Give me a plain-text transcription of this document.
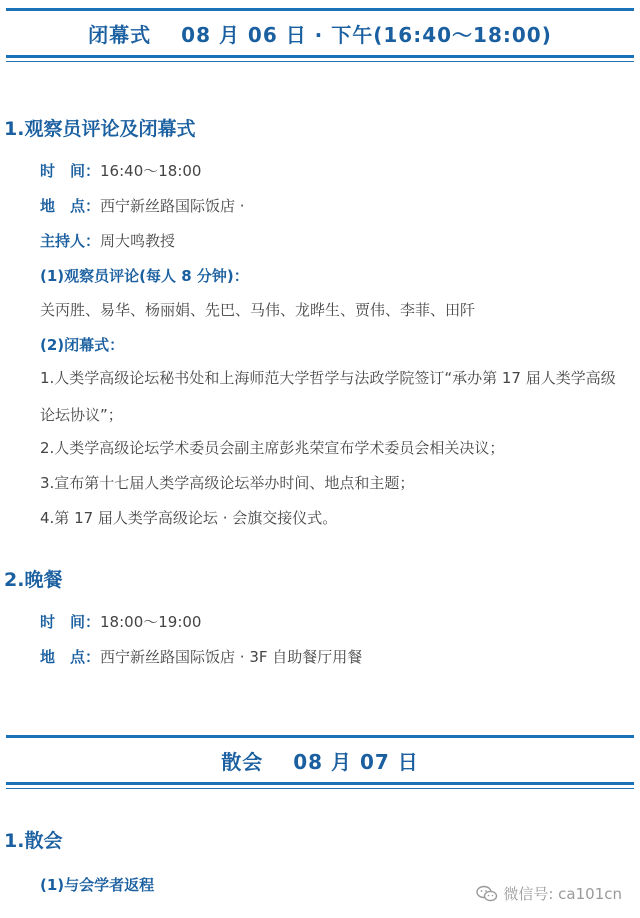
闭幕式 08 月 06 日 · 下午(16:40～18:00)
1.观察员评论及闭幕式
时　间：16:40～18:00
地　点：西宁新丝路国际饭店 ·
主持人：周大鸣教授
(1)观察员评论(每人 8 分钟)：
关丙胜、易华、杨丽娟、先巴、马伟、龙晔生、贾伟、李菲、田阡
(2)闭幕式：
1.人类学高级论坛秘书处和上海师范大学哲学与法政学院签订“承办第 17 届人类学高级论坛协议”；
2.人类学高级论坛学术委员会副主席彭兆荣宣布学术委员会相关决议；
3.宣布第十七届人类学高级论坛举办时间、地点和主题；
4.第 17 届人类学高级论坛 · 会旗交接仪式。
2.晚餐
时　间：18:00～19:00
地　点：西宁新丝路国际饭店 · 3F 自助餐厅用餐
散会 08 月 07 日
1.散会
(1)与会学者返程	微信号: ca101cn
